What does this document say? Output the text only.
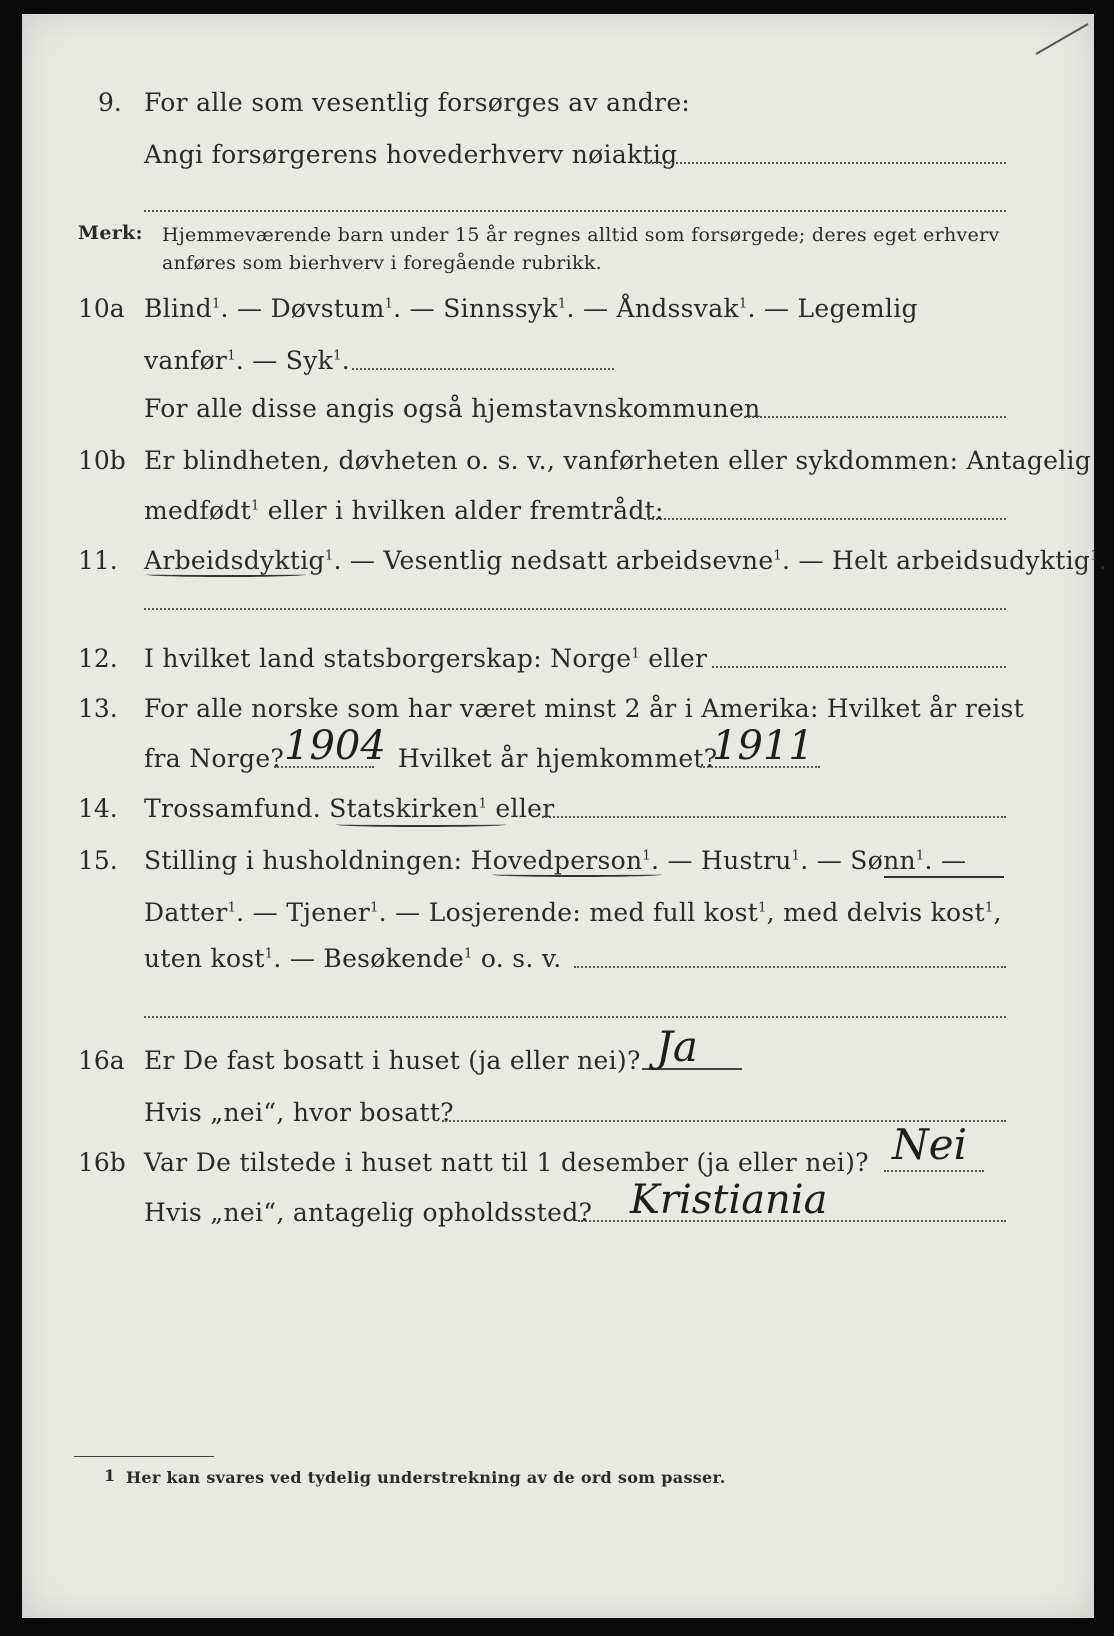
9. For alle som vesentlig forsørges av andre:
Angi forsørgerens hovederhverv nøiaktig
Merk: Hjemmeværende barn under 15 år regnes alltid som forsørgede; deres eget erhverv
anføres som bierhverv i foregående rubrikk.
10a Blind$^1$. — Døvstum$^1$. — Sinnssyk$^1$. — Åndssvak$^1$. — Legemlig
vanfør$^1$. — Syk$^1$.
For alle disse angis også hjemstavnskommunen
10b Er blindheten, døvheten o. s. v., vanførheten eller sykdommen: Antagelig
medfødt$^1$ eller i hvilken alder fremtrådt:
11. Arbeidsdyktig$^1$. — Vesentlig nedsatt arbeidsevne$^1$. — Helt arbeidsudyktig$^1$.
12. I hvilket land statsborgerskap: Norge$^1$ eller
13. For alle norske som har været minst 2 år i Amerika: Hvilket år reist
fra Norge? 1904 Hvilket år hjemkommet?
1911
14. Trossamfund. Statskirken$^1$ eller
15. Stilling i husholdningen: Hovedperson$^1$. — Hustru$^1$. — Sønn$^1$. —
Datter$^1$. — Tjener$^1$. — Losjerende: med full kost$^1$, med delvis kost$^1$,
uten kost$^1$. — Besøkende$^1$ o. s. v.
16a Er De fast bosatt i huset (ja eller nei)? Ja
Hvis „nei“, hvor bosatt?
16b Var De tilstede i huset natt til 1 desember (ja eller nei)? Nei
Hvis „nei“, antagelig opholdssted? Kristiania
1 Her kan svares ved tydelig understrekning av de ord som passer.
